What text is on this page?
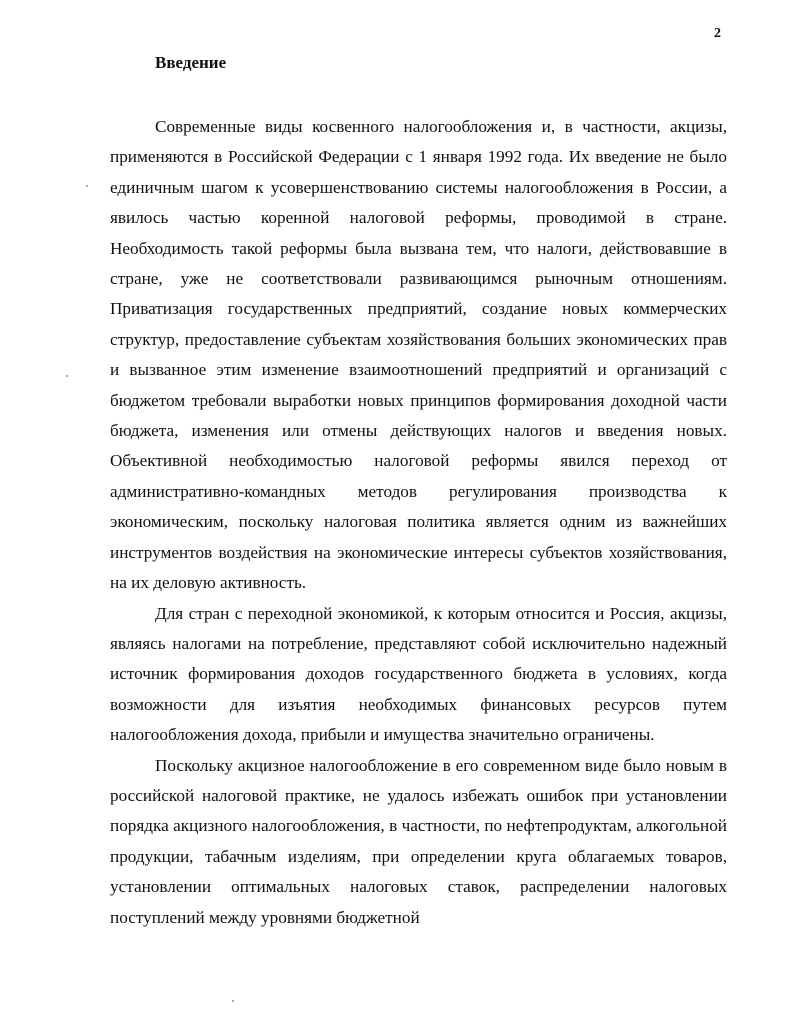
2
Введение

Современные виды косвенного налогообложения и, в частности, акцизы, применяются в Российской Федерации с 1 января 1992 года. Их введение не было единичным шагом к усовершенствованию системы налогообложения в России, а явилось частью коренной налоговой реформы, проводимой в стране. Необходимость такой реформы была вызвана тем, что налоги, действовавшие в стране, уже не соответствовали развивающимся рыночным отношениям. Приватизация государственных предприятий, создание новых коммерческих структур, предоставление субъектам хозяйствования больших экономических прав и вызванное этим изменение взаимоотношений предприятий и организаций с бюджетом требовали выработки новых принципов формирования доходной части бюджета, изменения или отмены действующих налогов и введения новых. Объективной необходимостью налоговой реформы явился переход от административно-командных методов регулирования производства к экономическим, поскольку налоговая политика является одним из важнейших инструментов воздействия на экономические интересы субъектов хозяйствования, на их деловую активность.

Для стран с переходной экономикой, к которым относится и Россия, акцизы, являясь налогами на потребление, представляют собой исключительно надежный источник формирования доходов государственного бюджета в условиях, когда возможности для изъятия необходимых финансовых ресурсов путем налогообложения дохода, прибыли и имущества значительно ограничены.

Поскольку акцизное налогообложение в его современном виде было новым в российской налоговой практике, не удалось избежать ошибок при установлении порядка акцизного налогообложения, в частности, по нефтепродуктам, алкогольной продукции, табачным изделиям, при определении круга облагаемых товаров, установлении оптимальных налоговых ставок, распределении налоговых поступлений между уровнями бюджетной
